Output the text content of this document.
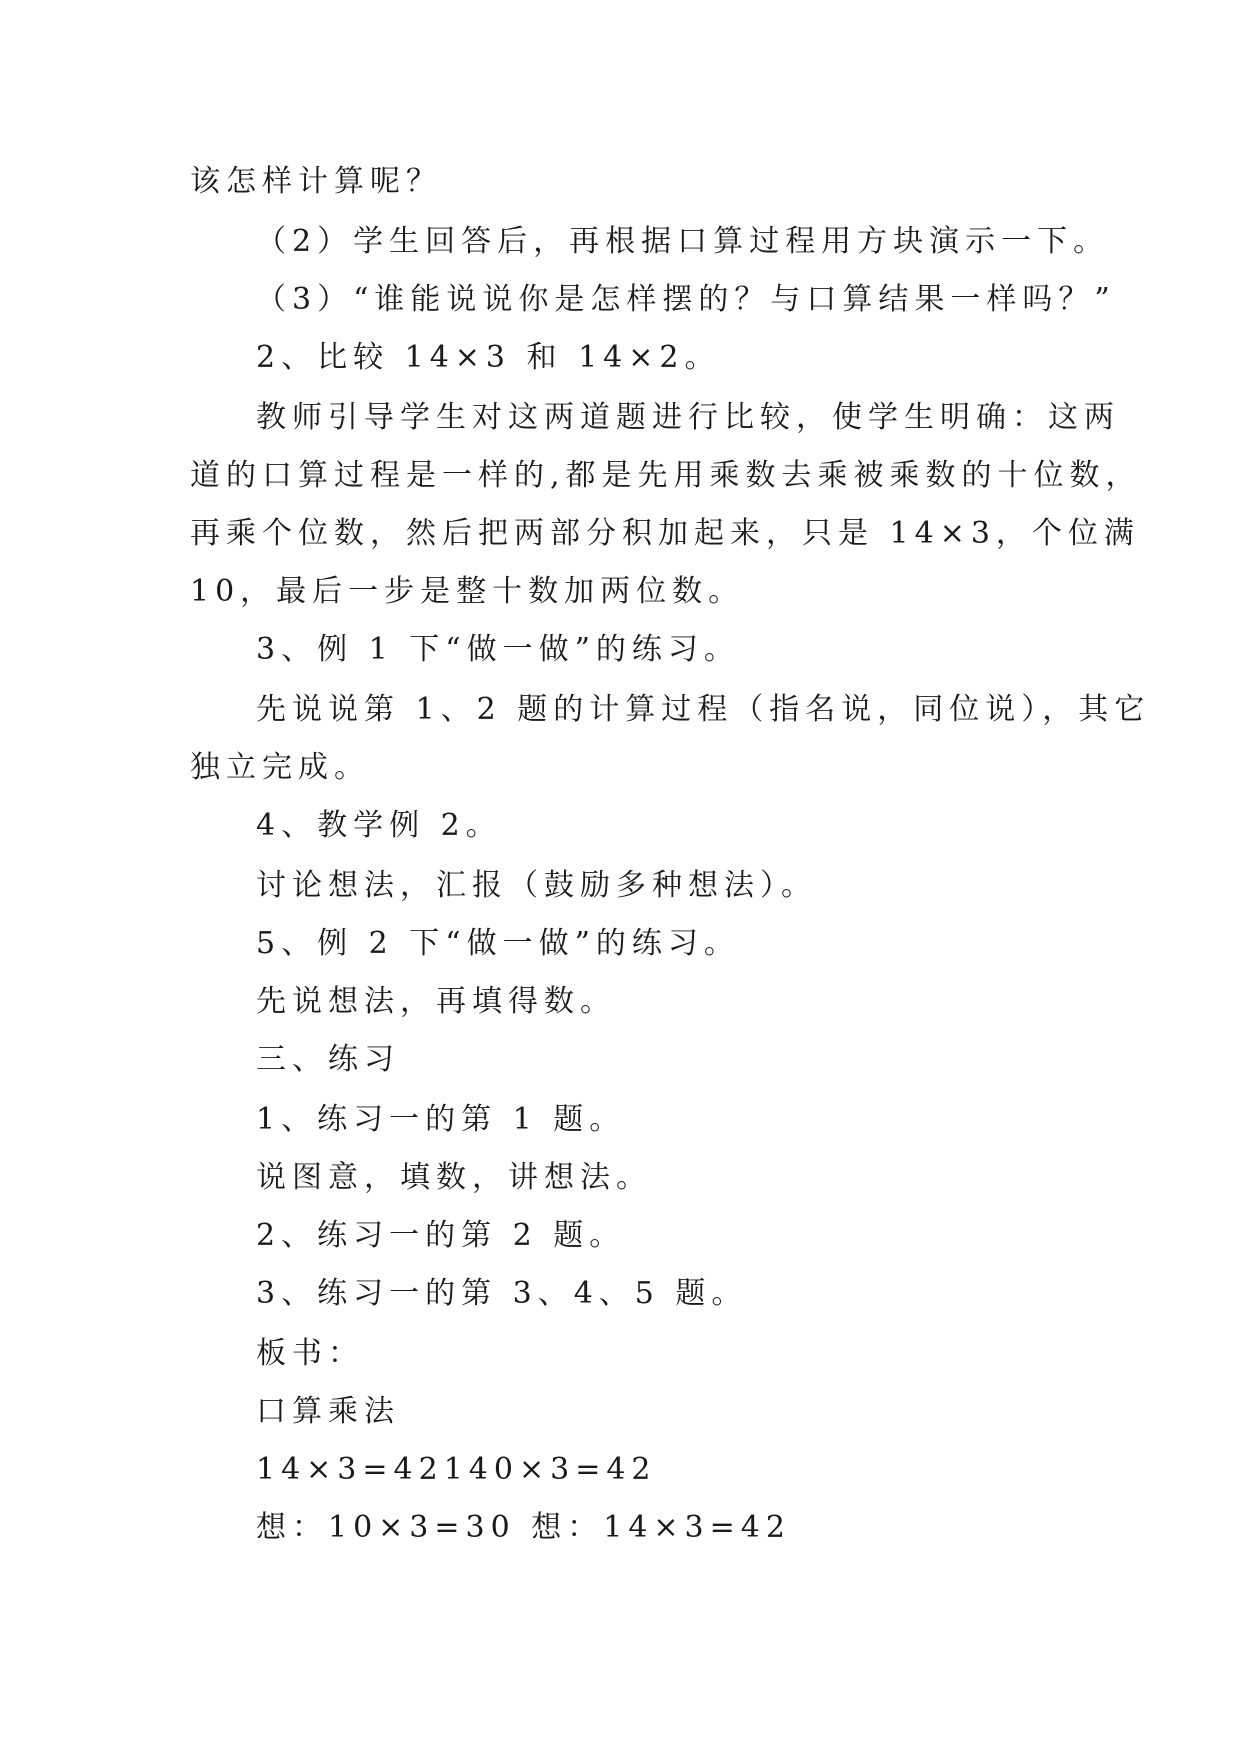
该怎样计算呢？
（2）学生回答后，再根据口算过程用方块演示一下。
（3）“谁能说说你是怎样摆的？与口算结果一样吗？”
2、比较 14×3 和 14×2。
教师引导学生对这两道题进行比较，使学生明确：这两
道的口算过程是一样的,都是先用乘数去乘被乘数的十位数，
再乘个位数，然后把两部分积加起来，只是 14×3，个位满
10，最后一步是整十数加两位数。
3、例 1 下“做一做”的练习。
先说说第 1、2 题的计算过程（指名说，同位说），其它
独立完成。
4、教学例 2。
讨论想法，汇报（鼓励多种想法）。
5、例 2 下“做一做”的练习。
先说想法，再填得数。
三、练习
1、练习一的第 1 题。
说图意，填数，讲想法。
2、练习一的第 2 题。
3、练习一的第 3、4、5 题。
板书：
口算乘法
14×3=42140×3=42
想：10×3=30 想：14×3=42
